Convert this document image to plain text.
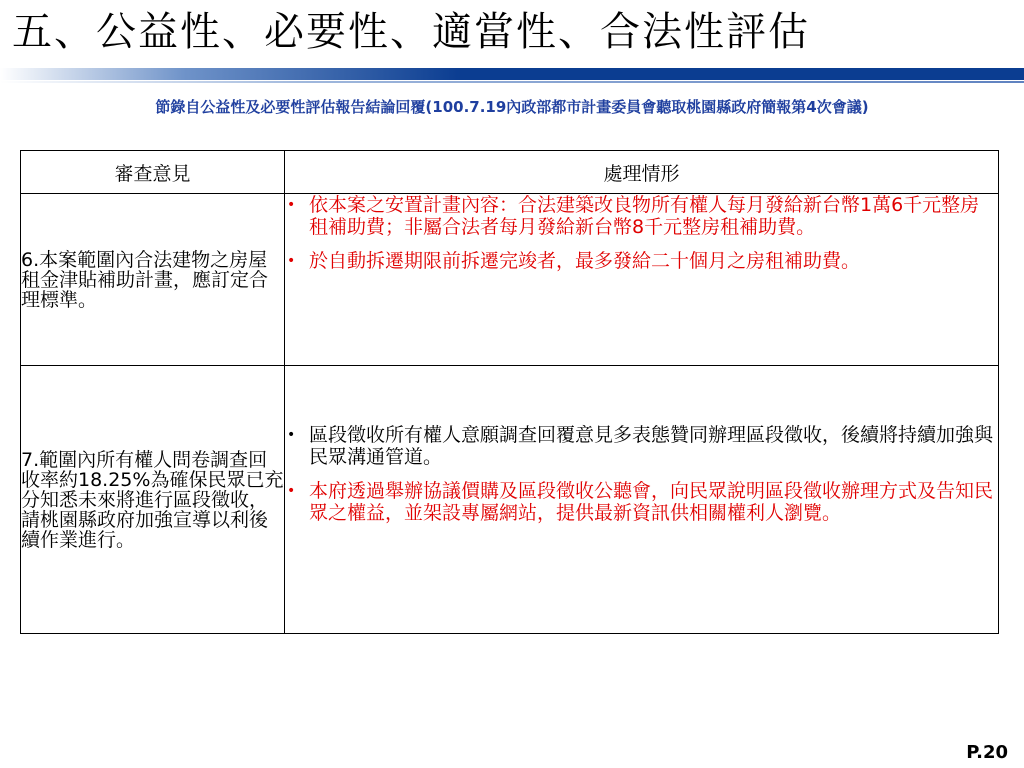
五、公益性、必要性、適當性、合法性評估
節錄自公益性及必要性評估報告結論回覆(100.7.19內政部都市計畫委員會聽取桃園縣政府簡報第4次會議)
審查意見	處理情形
6.本案範圍內合法建物之房屋租金津貼補助計畫，應訂定合理標準。	• 依本案之安置計畫內容：合法建築改良物所有權人每月發給新台幣1萬6千元整房租補助費；非屬合法者每月發給新台幣8千元整房租補助費。
• 於自動拆遷期限前拆遷完竣者，最多發給二十個月之房租補助費。

7.範圍內所有權人問卷調查回收率約18.25%為確保民眾已充分知悉未來將進行區段徵收，請桃園縣政府加強宣導以利後續作業進行。	• 區段徵收所有權人意願調查回覆意見多表態贊同辦理區段徵收，後續將持續加強與民眾溝通管道。
• 本府透過舉辦協議價購及區段徵收公聽會，向民眾說明區段徵收辦理方式及告知民眾之權益，並架設專屬網站，提供最新資訊供相關權利人瀏覽。
P.20
